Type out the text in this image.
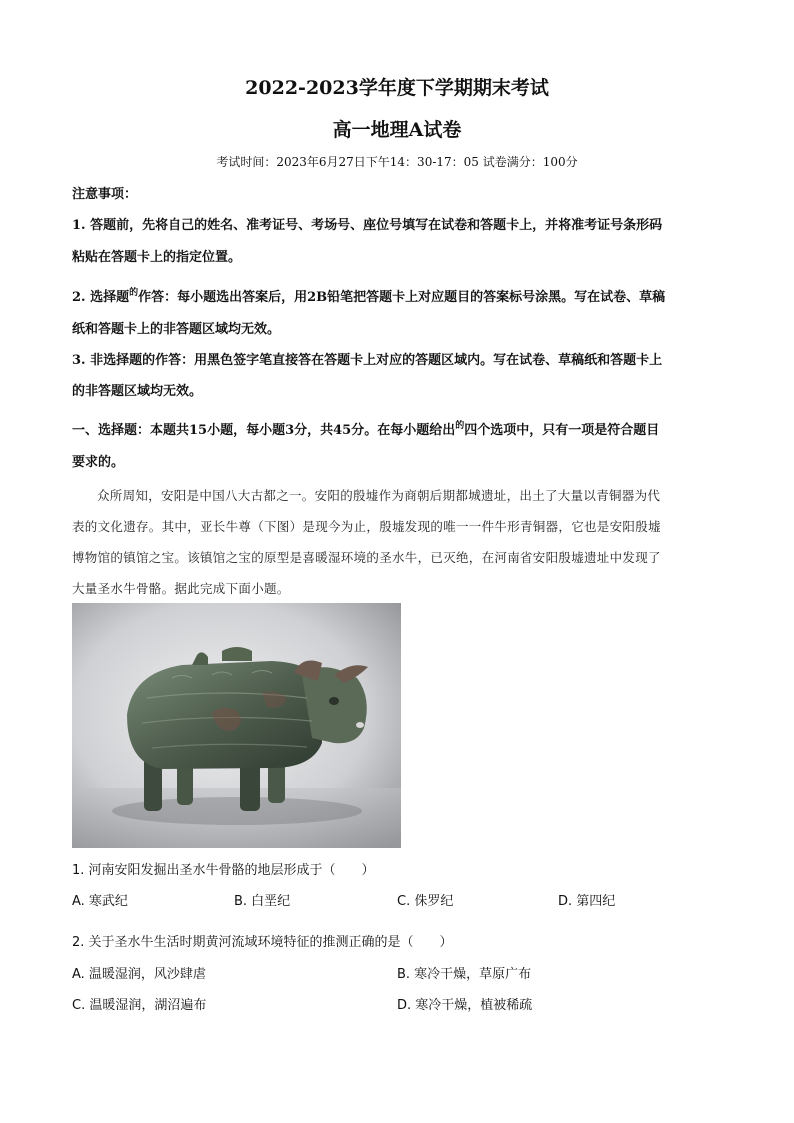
2022-2023学年度下学期期末考试
高一地理A试卷
考试时间：2023年6月27日下午14：30-17：05 试卷满分：100分
注意事项：
1. 答题前，先将自己的姓名、准考证号、考场号、座位号填写在试卷和答题卡上，并将准考证号条形码
粘贴在答题卡上的指定位置。
2. 选择题$^的$作答：每小题选出答案后，用2B铅笔把答题卡上对应题目的答案标号涂黑。写在试卷、草稿
纸和答题卡上的非答题区域均无效。
3. 非选择题的作答：用黑色签字笔直接答在答题卡上对应的答题区域内。写在试卷、草稿纸和答题卡上
的非答题区域均无效。
一、选择题：本题共15小题，每小题3分，共45分。在每小题给出$^的$四个选项中，只有一项是符合题目
要求的。
众所周知，安阳是中国八大古都之一。安阳的殷墟作为商朝后期都城遗址，出土了大量以青铜器为代
表的文化遗存。其中，亚长牛尊（下图）是现今为止，殷墟发现的唯一一件牛形青铜器，它也是安阳殷墟
博物馆的镇馆之宝。该镇馆之宝的原型是喜暖湿环境的圣水牛，已灭绝，在河南省安阳殷墟遗址中发现了
大量圣水牛骨骼。据此完成下面小题。
1. 河南安阳发掘出圣水牛骨骼的地层形成于（　　）
A. 寒武纪	B. 白垩纪	C. 侏罗纪	D. 第四纪
2. 关于圣水牛生活时期黄河流域环境特征的推测正确的是（　　）
A. 温暖湿润，风沙肆虐	B. 寒冷干燥，草原广布
C. 温暖湿润，湖沼遍布	D. 寒冷干燥，植被稀疏
